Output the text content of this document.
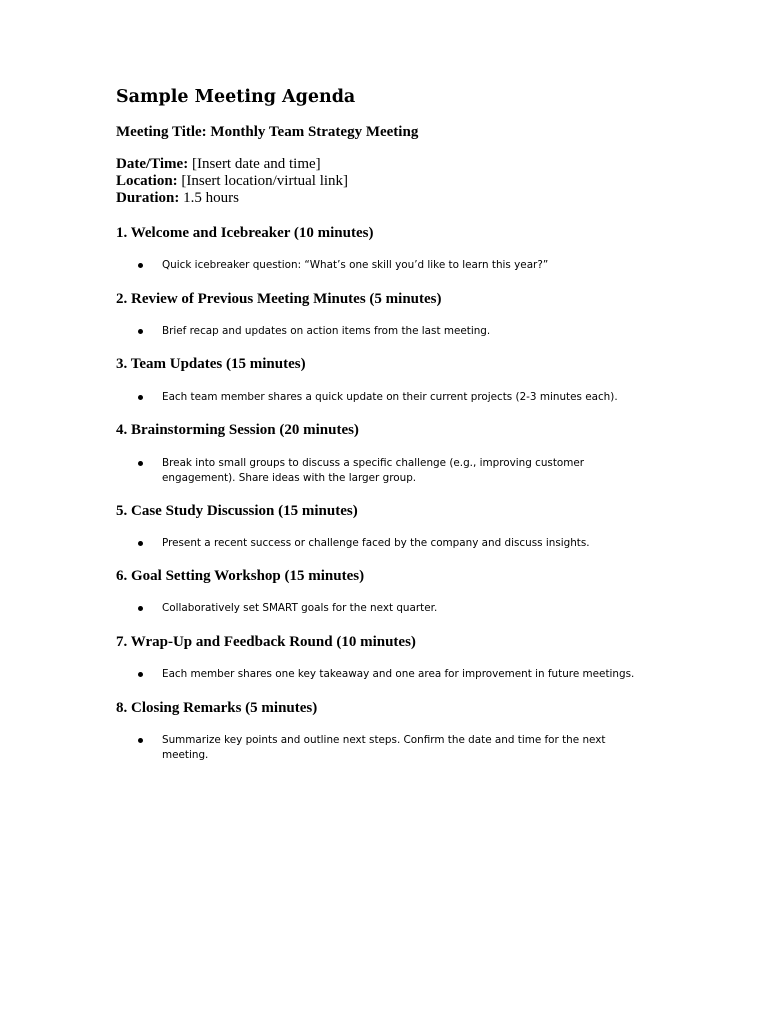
Sample Meeting Agenda

Meeting Title: Monthly Team Strategy Meeting

Date/Time: [Insert date and time]
Location: [Insert location/virtual link]
Duration: 1.5 hours
1. Welcome and Icebreaker (10 minutes)

Quick icebreaker question: “What’s one skill you’d like to learn this year?”

2. Review of Previous Meeting Minutes (5 minutes)

Brief recap and updates on action items from the last meeting.

3. Team Updates (15 minutes)

Each team member shares a quick update on their current projects (2-3 minutes each).

4. Brainstorming Session (20 minutes)

Break into small groups to discuss a specific challenge (e.g., improving customer engagement). Share ideas with the larger group.

5. Case Study Discussion (15 minutes)

Present a recent success or challenge faced by the company and discuss insights.

6. Goal Setting Workshop (15 minutes)

Collaboratively set SMART goals for the next quarter.

7. Wrap-Up and Feedback Round (10 minutes)

Each member shares one key takeaway and one area for improvement in future meetings.

8. Closing Remarks (5 minutes)

Summarize key points and outline next steps. Confirm the date and time for the next meeting.
